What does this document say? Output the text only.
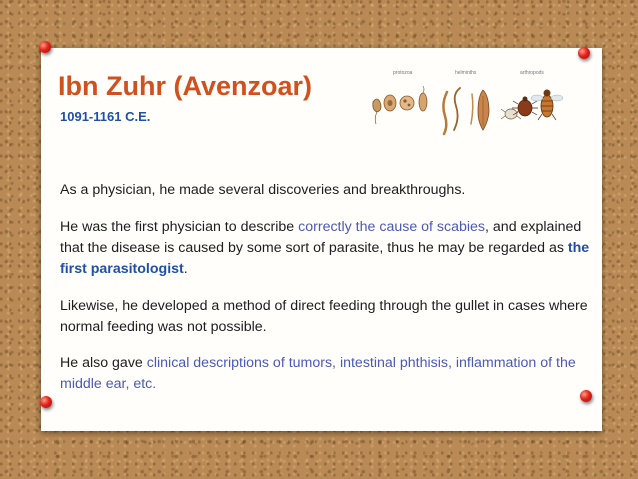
Ibn Zuhr (Avenzoar)
1091-1161 C.E.
protozoa	helminths	arthropods

As a physician, he made several discoveries and breakthroughs.

He was the first physician to describe correctly the cause of scabies, and explained that the disease is caused by some sort of parasite, thus he may be regarded as the first parasitologist.

Likewise, he developed a method of direct feeding through the gullet in cases where normal feeding was not possible.

He also gave clinical descriptions of tumors, intestinal phthisis, inflammation of the middle ear, etc.
